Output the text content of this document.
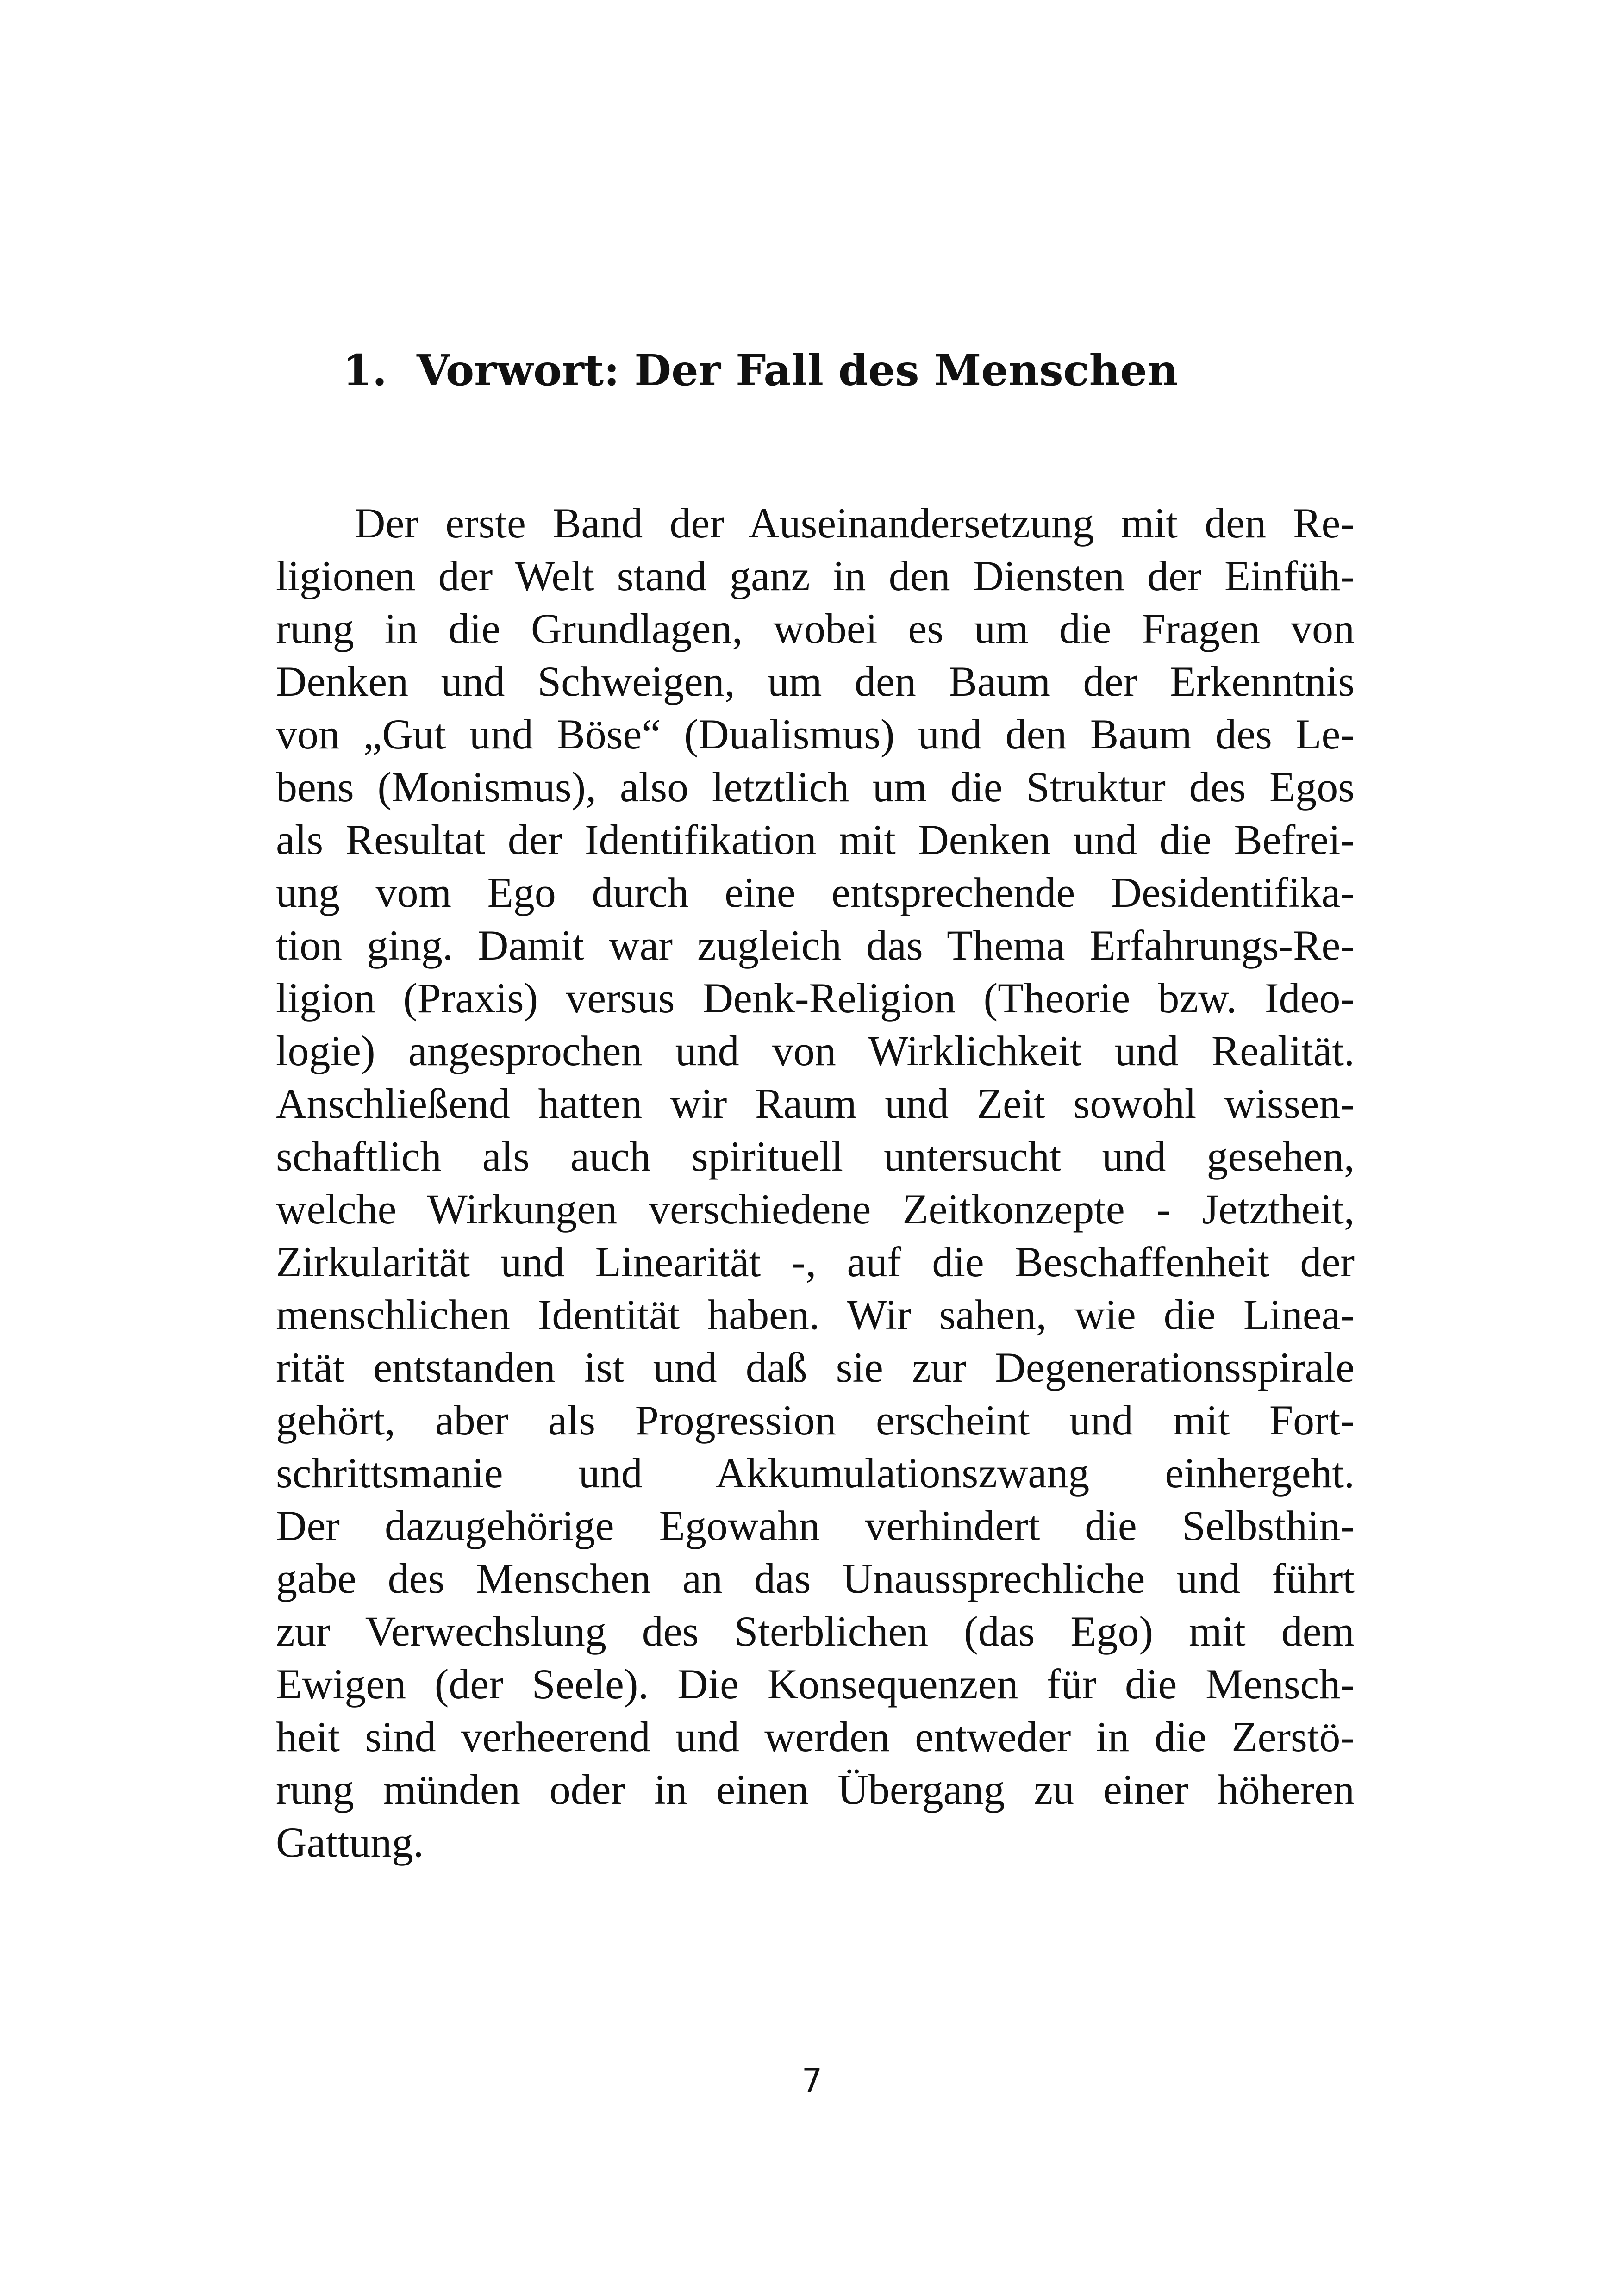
1. Vorwort: Der Fall des Menschen
Der erste Band der Auseinandersetzung mit den Re-
ligionen der Welt stand ganz in den Diensten der Einfüh-
rung in die Grundlagen, wobei es um die Fragen von
Denken und Schweigen, um den Baum der Erkenntnis
von „Gut und Böse“ (Dualismus) und den Baum des Le-
bens (Monismus), also letztlich um die Struktur des Egos
als Resultat der Identifikation mit Denken und die Befrei-
ung vom Ego durch eine entsprechende Desidentifika-
tion ging. Damit war zugleich das Thema Erfahrungs-Re-
ligion (Praxis) versus Denk-Religion (Theorie bzw. Ideo-
logie) angesprochen und von Wirklichkeit und Realität.
Anschließend hatten wir Raum und Zeit sowohl wissen-
schaftlich als auch spirituell untersucht und gesehen,
welche Wirkungen verschiedene Zeitkonzepte - Jetztheit,
Zirkularität und Linearität -, auf die Beschaffenheit der
menschlichen Identität haben. Wir sahen, wie die Linea-
rität entstanden ist und daß sie zur Degenerationsspirale
gehört, aber als Progression erscheint und mit Fort-
schrittsmanie und Akkumulationszwang einhergeht.
Der dazugehörige Egowahn verhindert die Selbsthin-
gabe des Menschen an das Unaussprechliche und führt
zur Verwechslung des Sterblichen (das Ego) mit dem
Ewigen (der Seele). Die Konsequenzen für die Mensch-
heit sind verheerend und werden entweder in die Zerstö-
rung münden oder in einen Übergang zu einer höheren
Gattung.
7
